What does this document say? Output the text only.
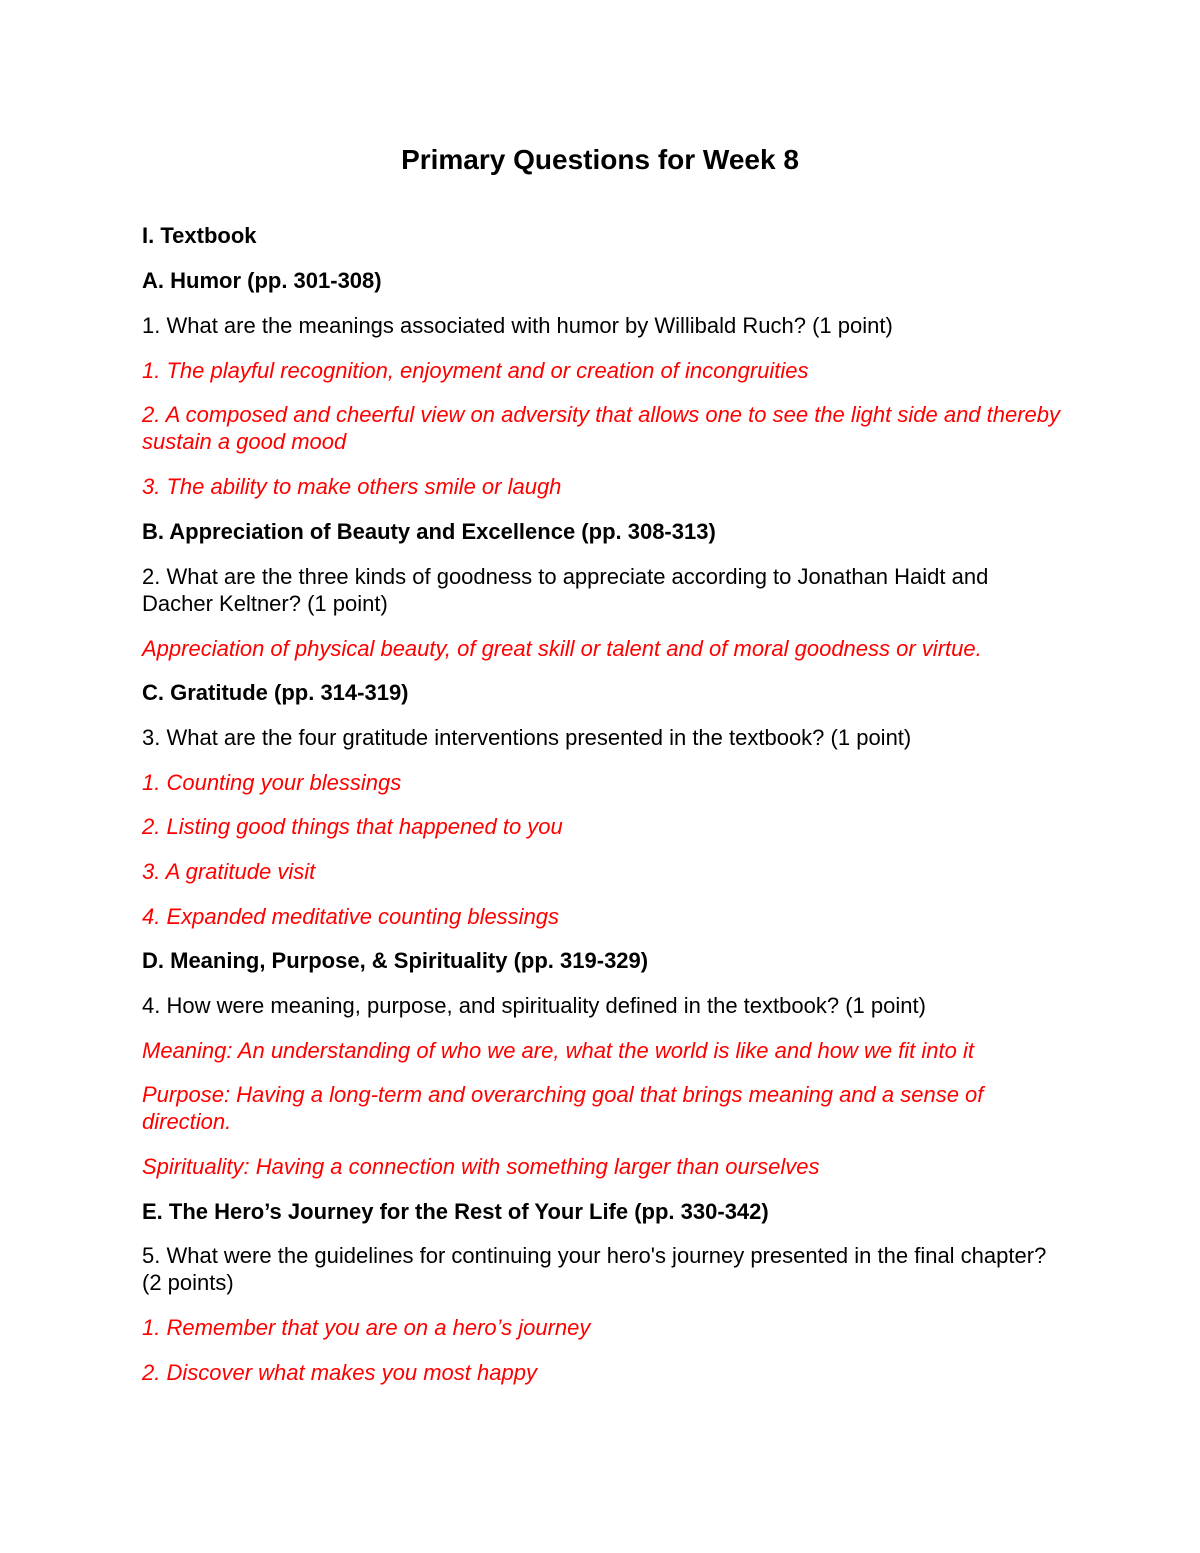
Primary Questions for Week 8
I. Textbook
A. Humor (pp. 301-308)
1. What are the meanings associated with humor by Willibald Ruch? (1 point)
1. The playful recognition, enjoyment and or creation of incongruities
2. A composed and cheerful view on adversity that allows one to see the light side and thereby sustain a good mood
3. The ability to make others smile or laugh
B. Appreciation of Beauty and Excellence (pp. 308-313)
2. What are the three kinds of goodness to appreciate according to Jonathan Haidt and Dacher Keltner? (1 point)
Appreciation of physical beauty, of great skill or talent and of moral goodness or virtue.
C. Gratitude (pp. 314-319)
3. What are the four gratitude interventions presented in the textbook? (1 point)
1. Counting your blessings
2. Listing good things that happened to you
3. A gratitude visit
4. Expanded meditative counting blessings
D. Meaning, Purpose, & Spirituality (pp. 319-329)
4. How were meaning, purpose, and spirituality defined in the textbook? (1 point)
Meaning: An understanding of who we are, what the world is like and how we fit into it
Purpose: Having a long-term and overarching goal that brings meaning and a sense of direction.
Spirituality: Having a connection with something larger than ourselves
E. The Hero’s Journey for the Rest of Your Life (pp. 330-342)
5. What were the guidelines for continuing your hero's journey presented in the final chapter? (2 points)
1. Remember that you are on a hero’s journey
2. Discover what makes you most happy
